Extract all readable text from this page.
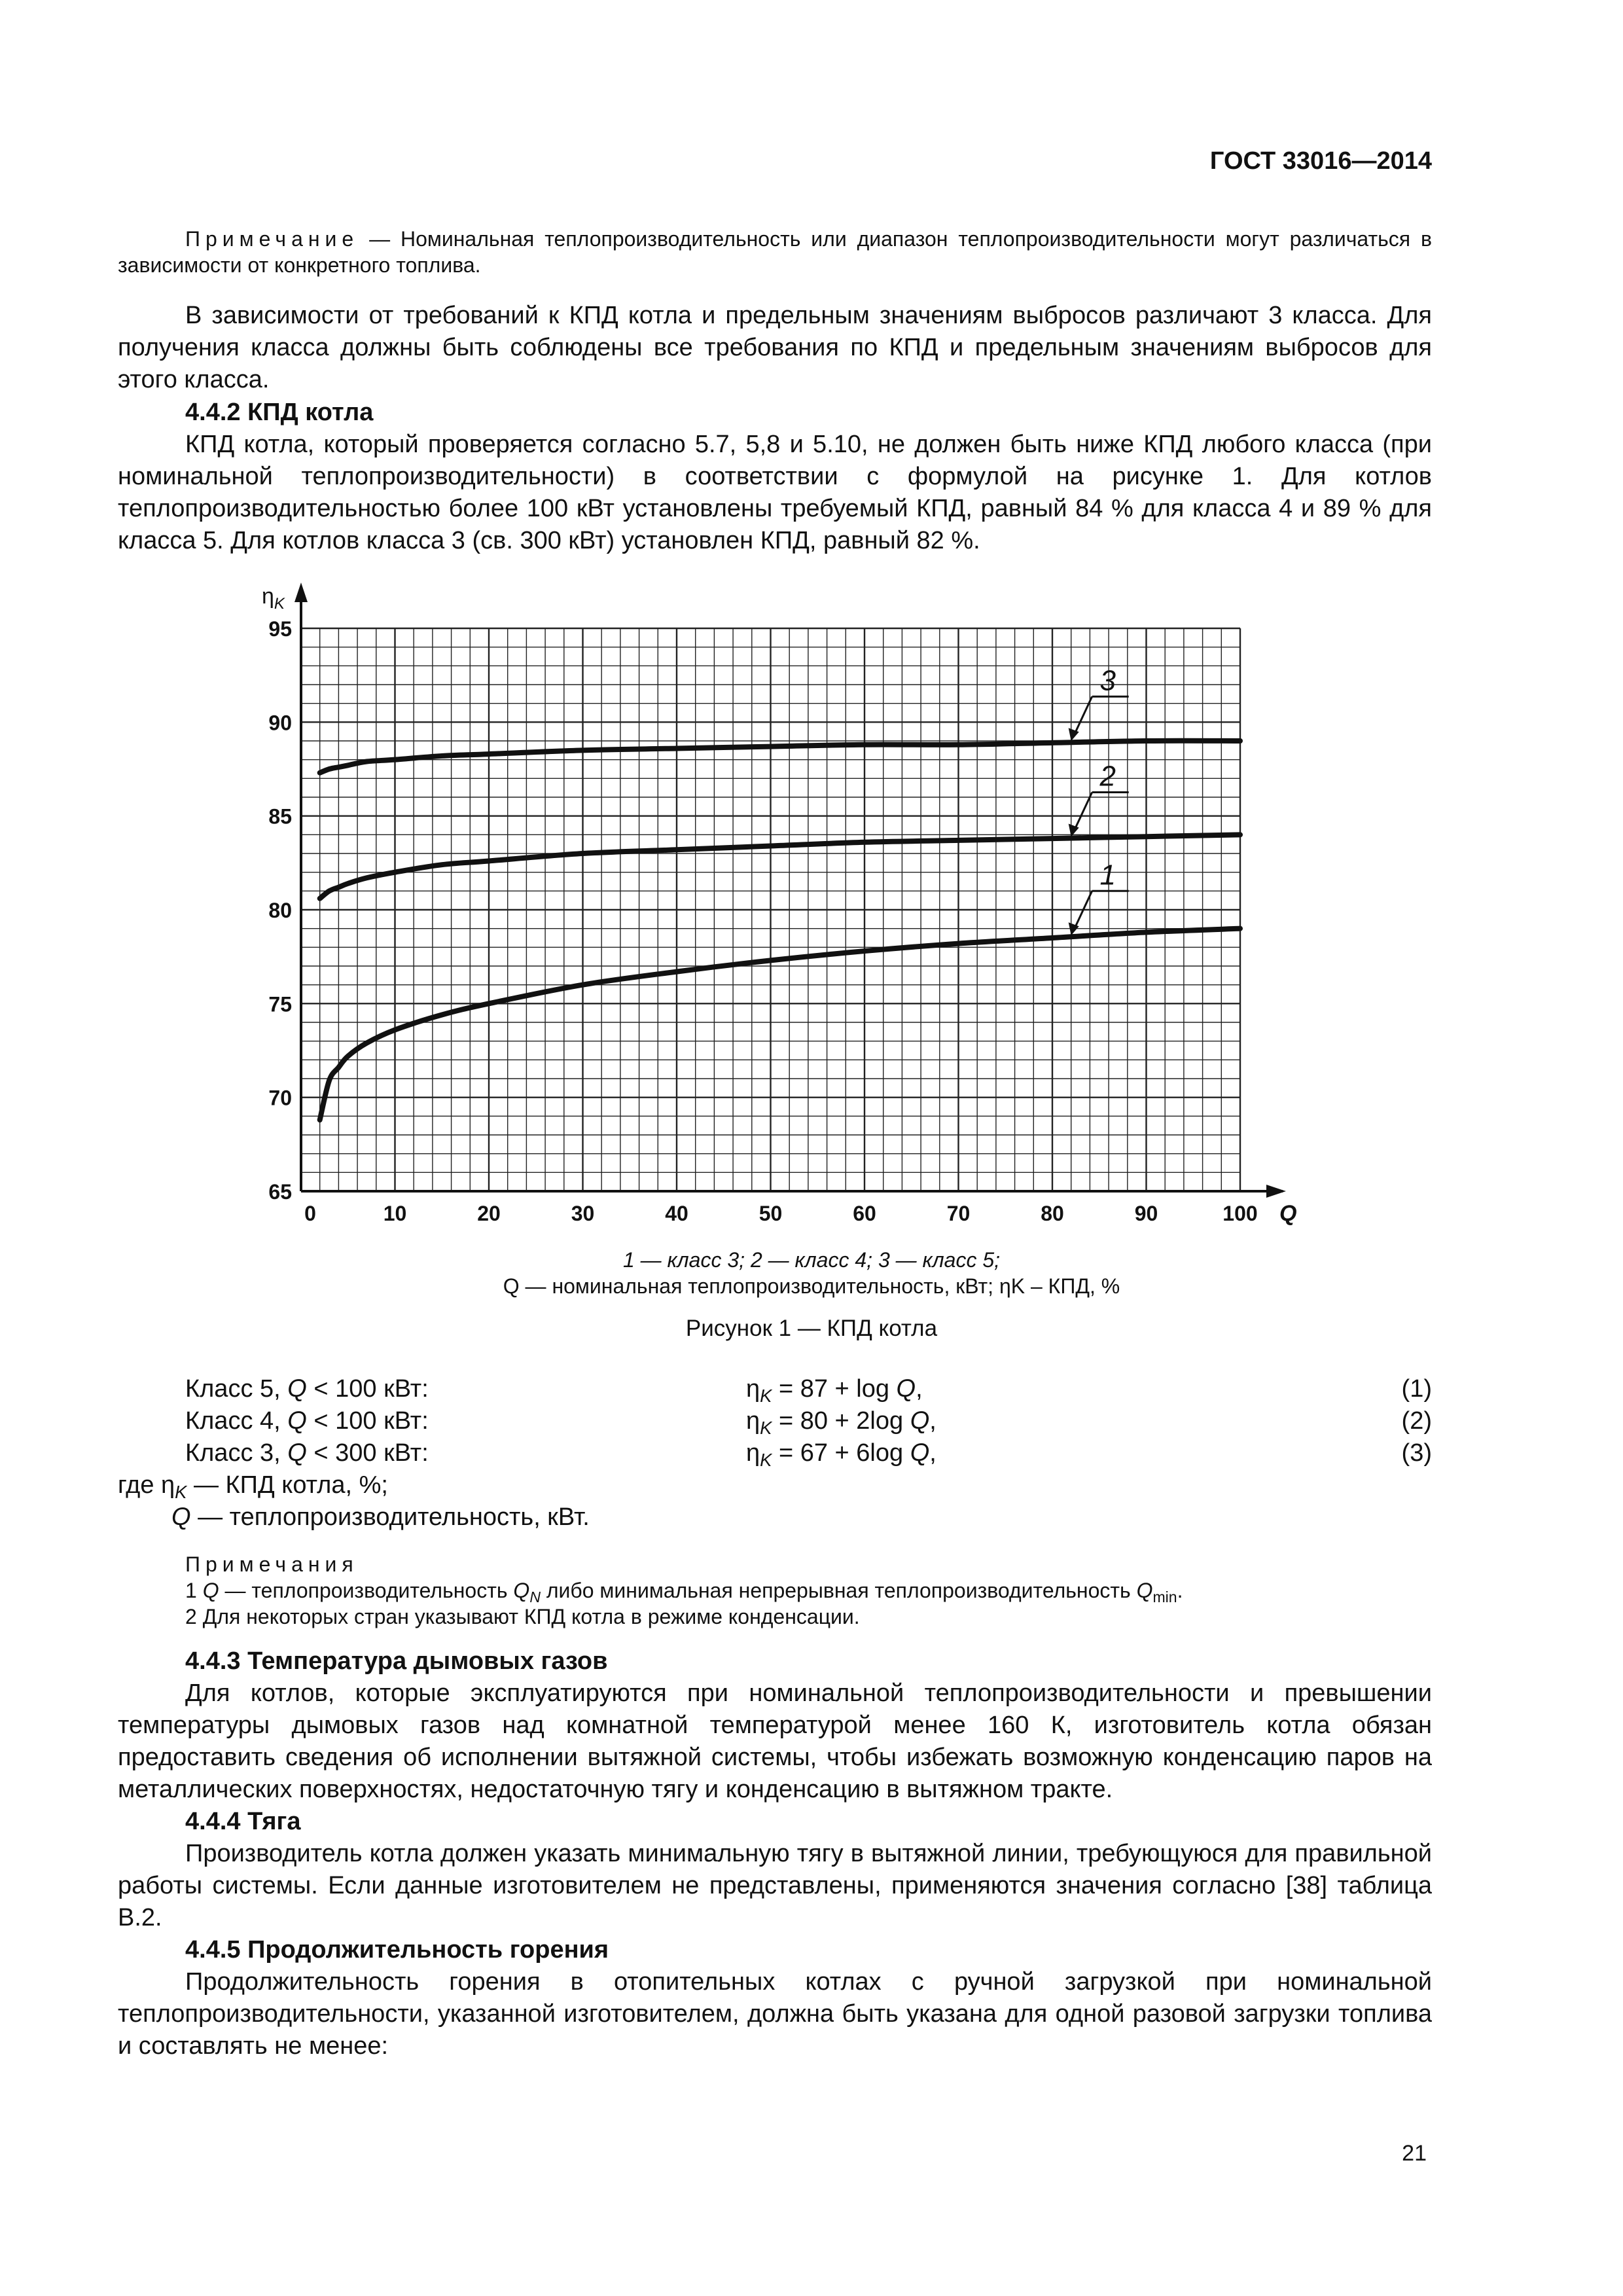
ГОСТ 33016—2014
Примечание — Номинальная теплопроизводительность или диапазон теплопроизводительности могут различаться в зависимости от конкретного топлива.
В зависимости от требований к КПД котла и предельным значениям выбросов различают 3 класса. Для получения класса должны быть соблюдены все требования по КПД и предельным значениям выбросов для этого класса.
4.4.2 КПД котла
КПД котла, который проверяется согласно 5.7, 5,8 и 5.10, не должен быть ниже КПД любого класса (при номинальной теплопроизводительности) в соответствии с формулой на рисунке 1. Для котлов теплопроизводительностью более 100 кВт установлены требуемый КПД, равный 84 % для класса 4 и 89 % для класса 5. Для котлов класса 3 (св. 300 кВт) установлен КПД, равный 82 %.
$\eta_K$
Q
65
70
75
80
85
90
95
0	10	20	30	40	50	60	70	80	90	100
1
2
3
1 — класс 3; 2 — класс 4; 3 — класс 5;
Q — номинальная теплопроизводительность, кВт; ηK – КПД, %
Рисунок 1 — КПД котла
Класс 5, Q < 100 кВт:	$\eta_K = 87 + \log Q$,	(1)
Класс 4, Q < 100 кВт:	$\eta_K = 80 + 2\log$ Q,	(2)
Класс 3, Q < 300 кВт:	$\eta_K = 67 + 6\log$ Q,	(3)
где $\eta_K$ — КПД котла, %;
Q — теплопроизводительность, кВт.
Примечания
1 Q — теплопроизводительность $Q_N$ либо минимальная непрерывная теплопроизводительность $Q_{min}$.
2 Для некоторых стран указывают КПД котла в режиме конденсации.
4.4.3 Температура дымовых газов
Для котлов, которые эксплуатируются при номинальной теплопроизводительности и превышении температуры дымовых газов над комнатной температурой менее 160 К, изготовитель котла обязан предоставить сведения об исполнении вытяжной системы, чтобы избежать возможную конденсацию паров на металлических поверхностях, недостаточную тягу и конденсацию в вытяжном тракте.
4.4.4 Тяга
Производитель котла должен указать минимальную тягу в вытяжной линии, требующуюся для правильной работы системы. Если данные изготовителем не представлены, применяются значения согласно [38] таблица В.2.
4.4.5 Продолжительность горения
Продолжительность горения в отопительных котлах с ручной загрузкой при номинальной теплопроизводительности, указанной изготовителем, должна быть указана для одной разовой загрузки топлива и составлять не менее:
21
